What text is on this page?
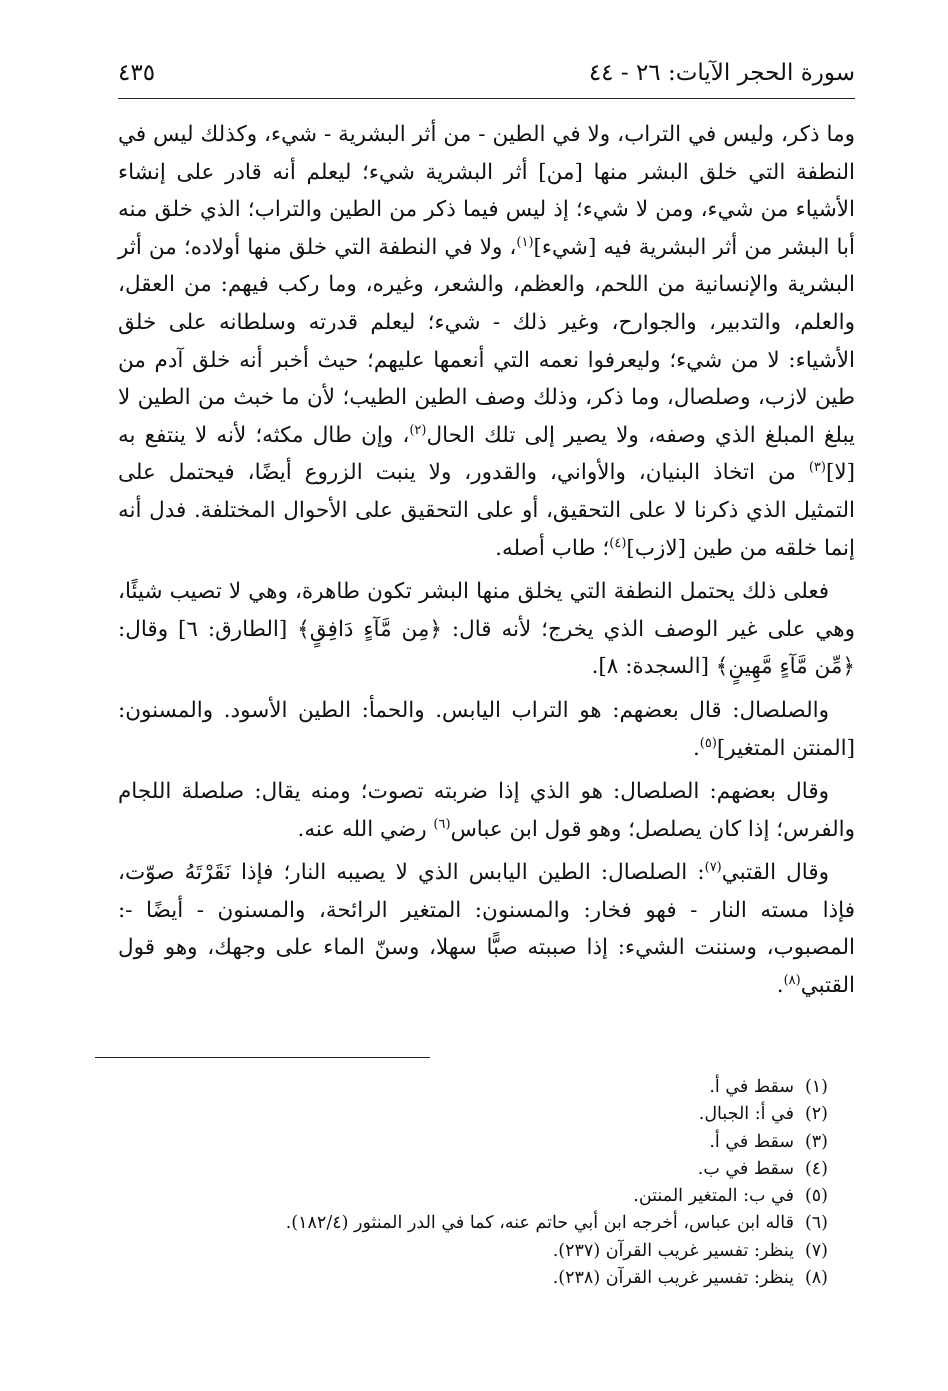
سورة الحجر الآيات: ٢٦ - ٤٤
٤٣٥

وما ذكر، وليس في التراب، ولا في الطين - من أثر البشرية - شيء، وكذلك ليس في النطفة التي خلق البشر منها [من] أثر البشرية شيء؛ ليعلم أنه قادر على إنشاء الأشياء من شيء، ومن لا شيء؛ إذ ليس فيما ذكر من الطين والتراب؛ الذي خلق منه أبا البشر من أثر البشرية فيه [شيء]$^{(١)}$، ولا في النطفة التي خلق منها أولاده؛ من أثر البشرية والإنسانية من اللحم، والعظم، والشعر، وغيره، وما ركب فيهم: من العقل، والعلم، والتدبير، والجوارح، وغير ذلك - شيء؛ ليعلم قدرته وسلطانه على خلق الأشياء: لا من شيء؛ وليعرفوا نعمه التي أنعمها عليهم؛ حيث أخبر أنه خلق آدم من طين لازب، وصلصال، وما ذكر، وذلك وصف الطين الطيب؛ لأن ما خبث من الطين لا يبلغ المبلغ الذي وصفه، ولا يصير إلى تلك الحال$^{(٢)}$، وإن طال مكثه؛ لأنه لا ينتفع به [لا]$^{(٣)}$ من اتخاذ البنيان، والأواني، والقدور، ولا ينبت الزروع أيضًا، فيحتمل على التمثيل الذي ذكرنا لا على التحقيق، أو على التحقيق على الأحوال المختلفة. فدل أنه إنما خلقه من طين [لازب]$^{(٤)}$؛ طاب أصله.

فعلى ذلك يحتمل النطفة التي يخلق منها البشر تكون طاهرة، وهي لا تصيب شيئًا، وهي على غير الوصف الذي يخرج؛ لأنه قال: ﴿مِن مَّآءٍ دَافِقٍ﴾ [الطارق: ٦] وقال: ﴿مِّن مَّآءٍ مَّهِينٍ﴾ [السجدة: ٨].

والصلصال: قال بعضهم: هو التراب اليابس. والحمأ: الطين الأسود. والمسنون: [المنتن المتغير]$^{(٥)}$.

وقال بعضهم: الصلصال: هو الذي إذا ضربته تصوت؛ ومنه يقال: صلصلة اللجام والفرس؛ إذا كان يصلصل؛ وهو قول ابن عباس$^{(٦)}$ رضي الله عنه.

وقال القتبي$^{(٧)}$: الصلصال: الطين اليابس الذي لا يصيبه النار؛ فإذا نَقَرْتَهُ صوّت، فإذا مسته النار - فهو فخار: والمسنون: المتغير الرائحة، والمسنون - أيضًا -: المصبوب، وسننت الشيء: إذا صببته صبًّا سهلا، وسنّ الماء على وجهك، وهو قول القتبي$^{(٨)}$.

(١)سقط في أ.
(٢)في أ: الجبال.
(٣)سقط في أ.
(٤)سقط في ب.
(٥)في ب: المتغير المنتن.
(٦)قاله ابن عباس، أخرجه ابن أبي حاتم عنه، كما في الدر المنثور (١٨٢/٤).
(٧)ينظر: تفسير غريب القرآن (٢٣٧).
(٨)ينظر: تفسير غريب القرآن (٢٣٨).
